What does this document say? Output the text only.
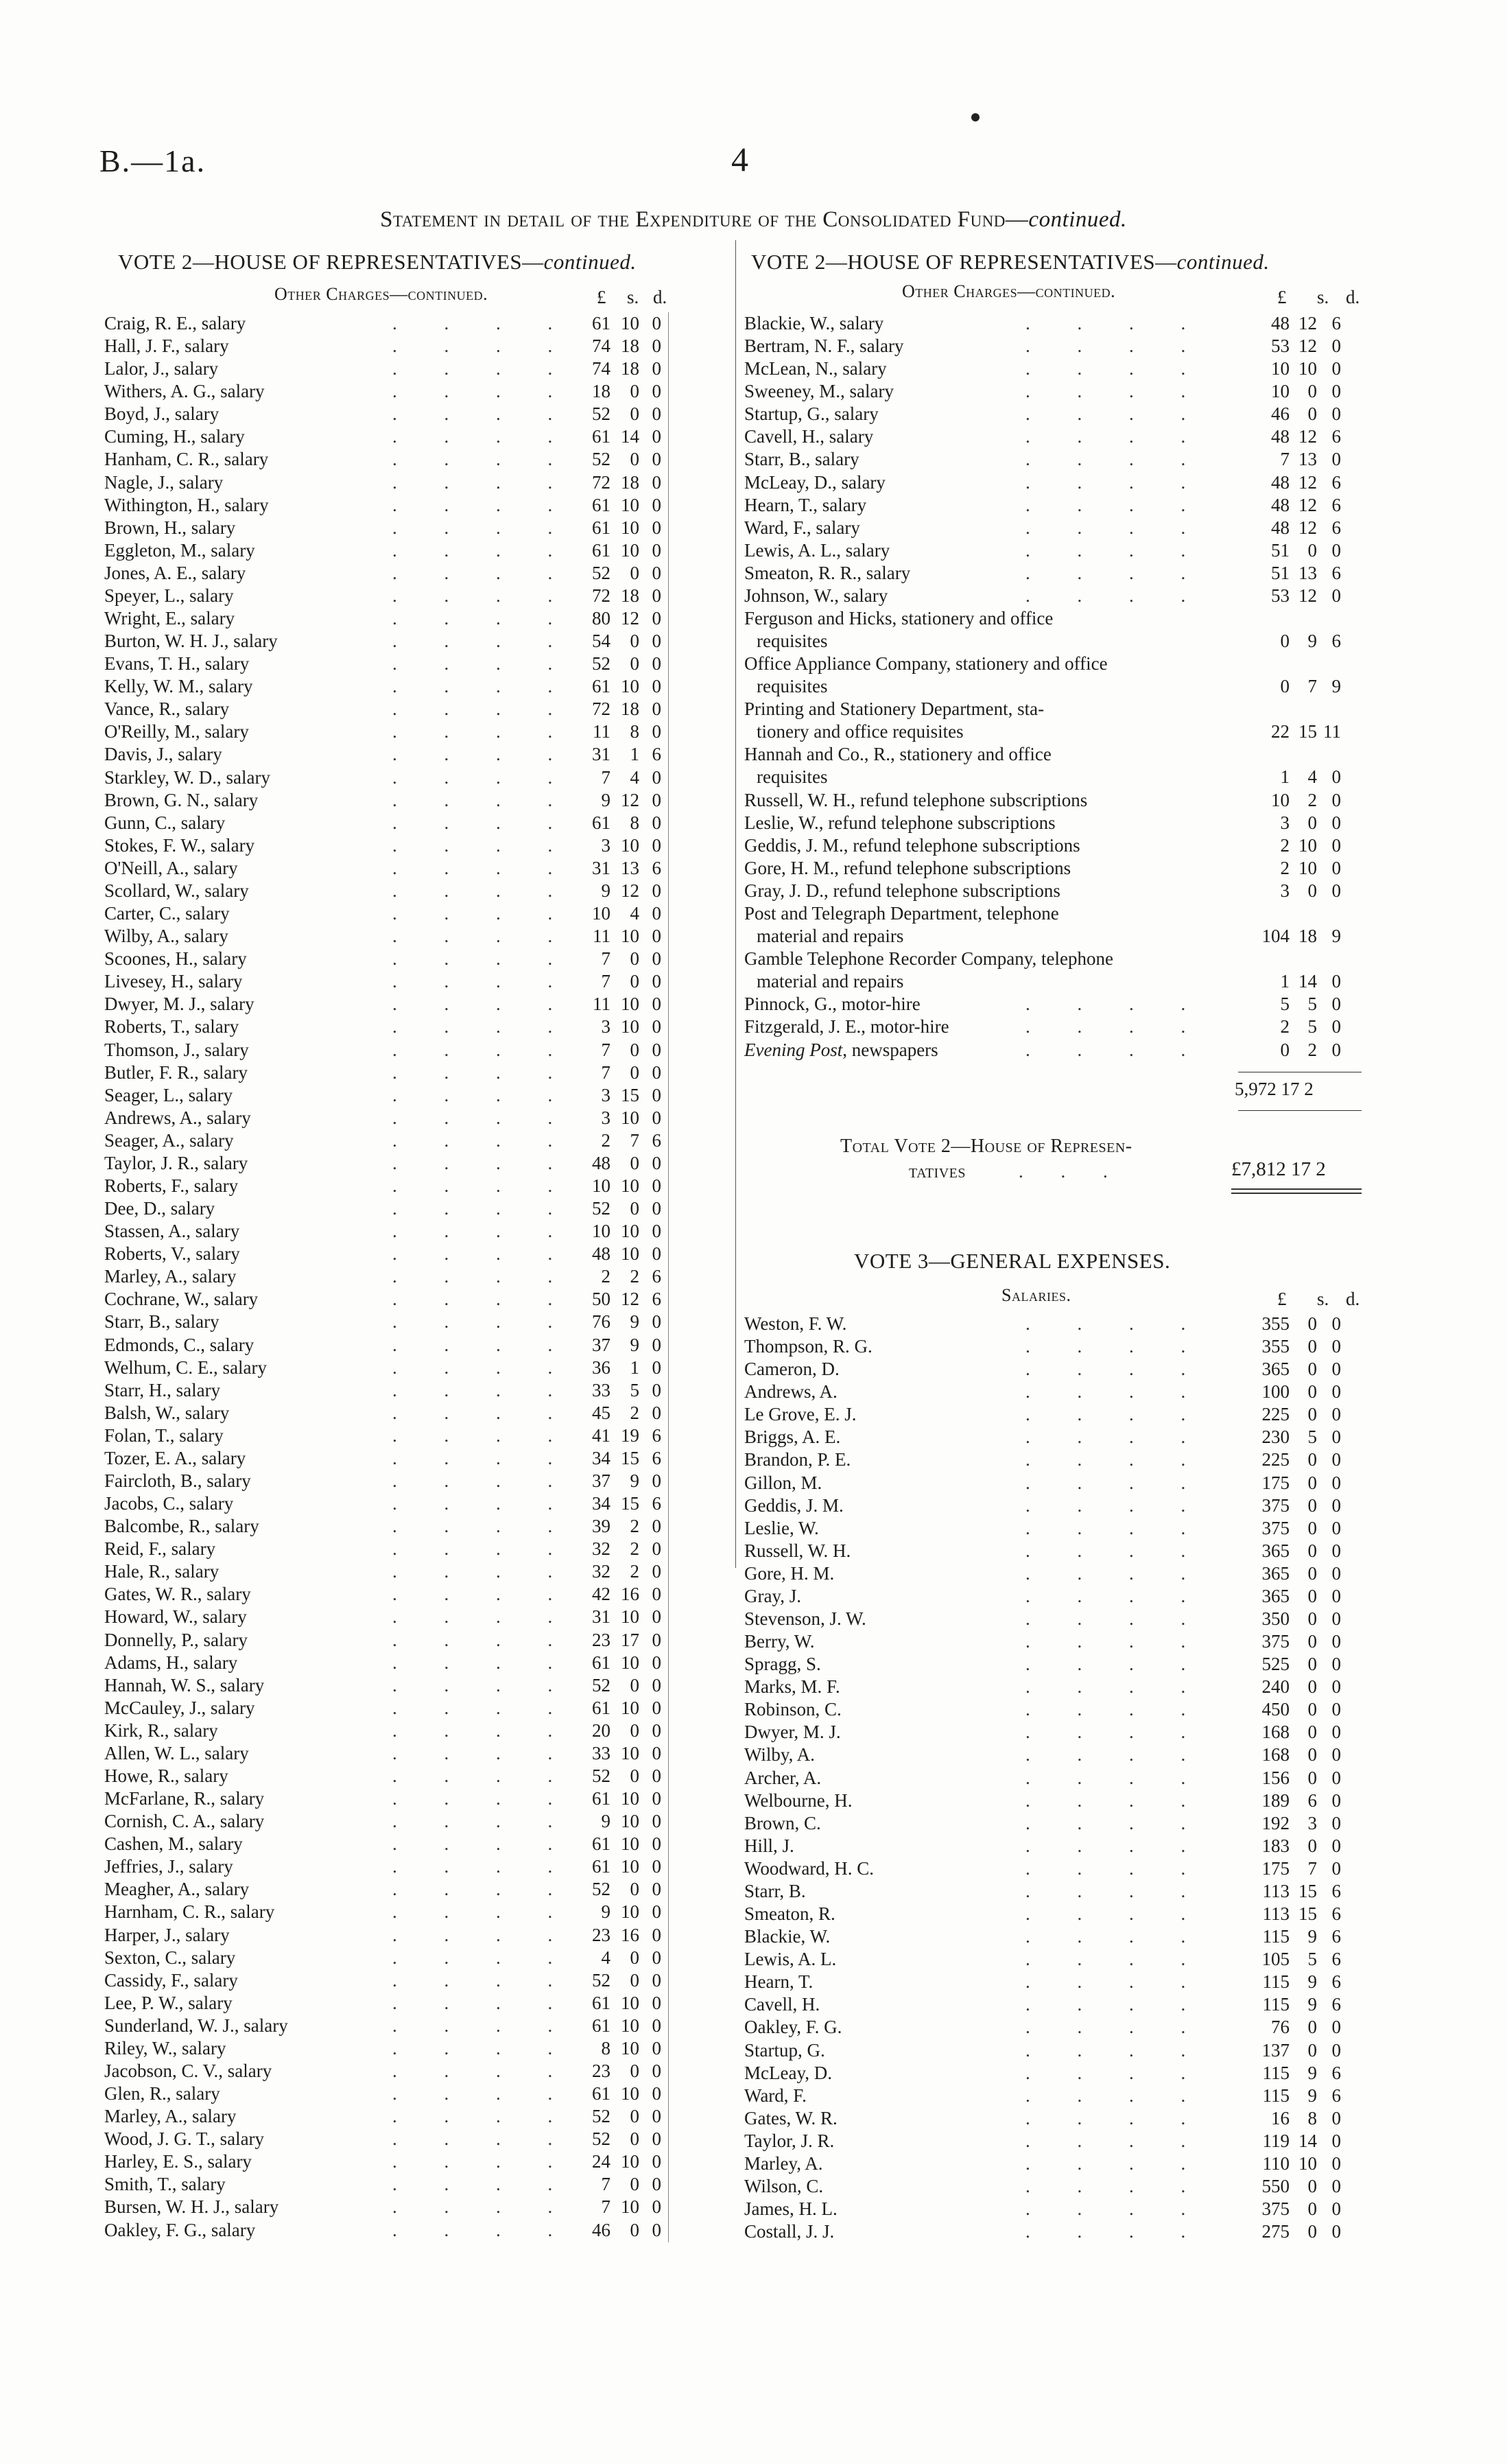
B.—1a.	4
Statement in detail of the Expenditure of the Consolidated Fund—continued.
VOTE 2—HOUSE OF REPRESENTATIVES—continued.
Other Charges—continued.	£ s. d.
Craig, R. E., salary	. . . . 61 10 0
Hall, J. F., salary	. . . . 74 18 0
Lalor, J., salary	. . . . 74 18 0
Withers, A. G., salary	. . . . 18	0 0
Boyd, J., salary	. . . . 52	0 0
Cuming, H., salary	. . . . 61 14 0
Hanham, C. R., salary	. . . . 52	0 0
Nagle, J., salary	. . . . 72 18 0
Withington, H., salary	. . . . 61 10 0
Brown, H., salary	. . . . 61 10 0
Eggleton, M., salary	. . . . 61 10 0
Jones, A. E., salary	. . . . 52	0 0
Speyer, L., salary	. . . . 72 18 0
Wright, E., salary	. . . . 80 12 0
Burton, W. H. J., salary	. . . . 54	0 0
Evans, T. H., salary	. . . . 52	0 0
Kelly, W. M., salary	. . . . 61 10 0
Vance, R., salary	. . . . 72 18 0
O'Reilly, M., salary	. . . .	11	8 0
Davis, J., salary	. . . . 31	1 6
Starkley, W. D., salary	. . . .	7	4 0
Brown, G. N., salary	. . . .	9 12 0
Gunn, C., salary	. . . . 61	8 0
Stokes, F. W., salary	. . . .	3 10 0
O'Neill, A., salary	. . . . 31 13 6
Scollard, W., salary	. . . .	9 12 0
Carter, C., salary	. . . . 10	4 0
Wilby, A., salary	. . . .	11 10 0
Scoones, H., salary	. . . .	7	0 0
Livesey, H., salary	. . . .	7	0 0
Dwyer, M. J., salary	. . . .	11 10 0
Roberts, T., salary	. . . .	3 10 0
Thomson, J., salary	. . . .	7	0 0
Butler, F. R., salary	. . . .	7	0 0
Seager, L., salary	. . . .	3 15 0
Andrews, A., salary	. . . .	3 10 0
Seager, A., salary	. . . .	2	7 6
Taylor, J. R., salary	. . . . 48	0 0
Roberts, F., salary	. . . . 10 10 0
Dee, D., salary	. . . . 52	0 0
Stassen, A., salary	. . . . 10 10 0
Roberts, V., salary	. . . . 48 10 0
Marley, A., salary	. . . .	2	2 6
Cochrane, W., salary	. . . . 50 12 6
Starr, B., salary	. . . . 76	9 0
Edmonds, C., salary	. . . . 37	9 0
Welhum, C. E., salary	. . . . 36	1 0
Starr, H., salary	. . . . 33	5 0
Balsh, W., salary	. . . . 45	2 0
Folan, T., salary	. . . . 41 19 6
Tozer, E. A., salary	. . . . 34 15 6
Faircloth, B., salary	. . . . 37	9 0
Jacobs, C., salary	. . . . 34 15 6
Balcombe, R., salary	. . . . 39	2 0
Reid, F., salary	. . . . 32	2 0
Hale, R., salary	. . . . 32	2 0
Gates, W. R., salary	. . . . 42 16 0
Howard, W., salary	. . . . 31 10 0
Donnelly, P., salary	. . . . 23 17 0
Adams, H., salary	. . . . 61 10 0
Hannah, W. S., salary	. . . . 52	0 0
McCauley, J., salary	. . . . 61 10 0
Kirk, R., salary	. . . . 20	0 0
Allen, W. L., salary	. . . . 33 10 0
Howe, R., salary	. . . . 52	0 0
McFarlane, R., salary	. . . . 61 10 0
Cornish, C. A., salary	. . . .	9 10 0
Cashen, M., salary	. . . . 61 10 0
Jeffries, J., salary	. . . . 61 10 0
Meagher, A., salary	. . . . 52	0 0
Harnham, C. R., salary	. . . .	9 10 0
Harper, J., salary	. . . . 23 16 0
Sexton, C., salary	. . . .	4	0 0
Cassidy, F., salary	. . . . 52	0 0
Lee, P. W., salary	. . . . 61 10 0
Sunderland, W. J., salary	. . . . 61 10 0
Riley, W., salary	. . . .	8 10 0
Jacobson, C. V., salary	. . . . 23	0 0
Glen, R., salary	. . . . 61 10 0
Marley, A., salary	. . . . 52	0 0
Wood, J. G. T., salary	. . . . 52	0 0
Harley, E. S., salary	. . . . 24 10 0
Smith, T., salary	. . . .	7	0 0
Bursen, W. H. J., salary	. . . .	7 10 0
Oakley, F. G., salary	. . . . 46	0 0
VOTE 2—HOUSE OF REPRESENTATIVES—continued.
Other Charges—continued.	£ s. d.
Blackie, W., salary	. . . .	48 12 6
Bertram, N. F., salary	. . . .	53 12 0
McLean, N., salary	. . . .	10 10 0
Sweeney, M., salary	. . . .	10 0 0
Startup, G., salary	. . . .	46 0 0
Cavell, H., salary	. . . .	48 12 6
Starr, B., salary	. . . .	7 13 0
McLeay, D., salary	. . . .	48 12 6
Hearn, T., salary	. . . .	48 12 6
Ward, F., salary	. . . .	48 12 6
Lewis, A. L., salary	. . . .	51 0 0
Smeaton, R. R., salary	. . . .	51 13 6
Johnson, W., salary	. . . .	53 12 0
Ferguson and Hicks, stationery and office
requisites	0 9 6
Office Appliance Company, stationery and office
requisites	0 7 9
Printing and Stationery Department, sta-
tionery and office requisites	22 15 11
Hannah and Co., R., stationery and office
requisites	1 4 0
Russell, W. H., refund telephone subscriptions	10 2 0
Leslie, W., refund telephone subscriptions	3 0 0
Geddis, J. M., refund telephone subscriptions	2 10 0
Gore, H. M., refund telephone subscriptions	2 10 0
Gray, J. D., refund telephone subscriptions	3 0 0
Post and Telegraph Department, telephone
material and repairs	104 18 9
Gamble Telephone Recorder Company, telephone
material and repairs	1 14 0
Pinnock, G., motor-hire	. . . .	5 5 0
Fitzgerald, J. E., motor-hire	. . . .	2 5 0
Evening Post, newspapers	. . . .	0 2 0
5,972 17 2
Total Vote 2—House of Represen-
tatives	. . .	£7,812 17 2
VOTE 3—GENERAL EXPENSES.
Salaries.	£ s. d.
Weston, F. W.	. . . .	355 0 0
Thompson, R. G.	. . . .	355 0 0
Cameron, D.	. . . .	365 0 0
Andrews, A.	. . . .	100 0 0
Le Grove, E. J.	. . . .	225 0 0
Briggs, A. E.	. . . .	230 5 0
Brandon, P. E.	. . . .	225 0 0
Gillon, M.	. . . .	175 0 0
Geddis, J. M.	. . . .	375 0 0
Leslie, W.	. . . .	375 0 0
Russell, W. H.	. . . .	365 0 0
Gore, H. M.	. . . .	365 0 0
Gray, J.	. . . .	365 0 0
Stevenson, J. W.	. . . .	350 0 0
Berry, W.	. . . .	375 0 0
Spragg, S.	. . . .	525 0 0
Marks, M. F.	. . . .	240 0 0
Robinson, C.	. . . .	450 0 0
Dwyer, M. J.	. . . .	168 0 0
Wilby, A.	. . . .	168 0 0
Archer, A.	. . . .	156 0 0
Welbourne, H.	. . . .	189 6 0
Brown, C.	. . . .	192 3 0
Hill, J.	. . . .	183 0 0
Woodward, H. C.	. . . .	175 7 0
Starr, B.	. . . .	113 15 6
Smeaton, R.	. . . .	113 15 6
Blackie, W.	. . . .	115 9 6
Lewis, A. L.	. . . .	105 5 6
Hearn, T.	. . . .	115 9 6
Cavell, H.	. . . .	115 9 6
Oakley, F. G.	. . . .	76 0 0
Startup, G.	. . . .	137 0 0
McLeay, D.	. . . .	115 9 6
Ward, F.	. . . .	115 9 6
Gates, W. R.	. . . .	16 8 0
Taylor, J. R.	. . . .	119 14 0
Marley, A.	. . . .	110 10 0
Wilson, C.	. . . .	550 0 0
James, H. L.	. . . .	375 0 0
Costall, J. J.	. . . .	275 0 0
